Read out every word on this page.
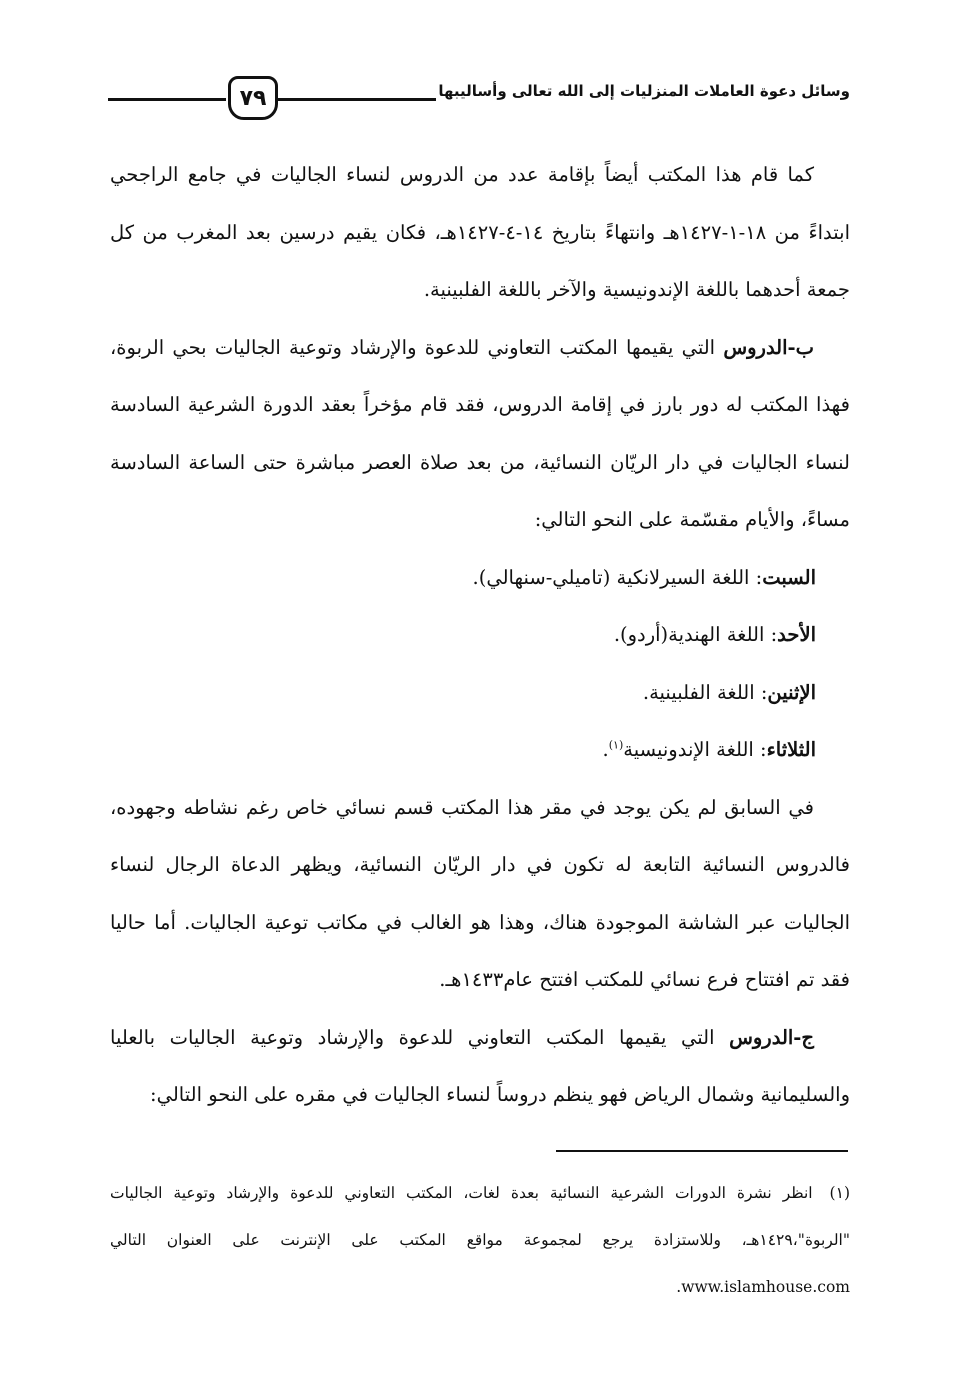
٧٩	وسائل دعوة العاملات المنزليات إلى الله تعالى وأساليبها

كما قام هذا المكتب أيضاً بإقامة عدد من الدروس لنساء الجاليات في جامع الراجحي ابتداءً من ١٨-١-١٤٢٧هـ وانتهاءً بتاريخ ١٤-٤-١٤٢٧هـ، فكان يقيم درسين بعد المغرب من كل جمعة أحدهما باللغة الإندونيسية والآخر باللغة الفلبينية.

ب-الدروس التي يقيمها المكتب التعاوني للدعوة والإرشاد وتوعية الجاليات بحي الربوة، فهذا المكتب له دور بارز في إقامة الدروس، فقد قام مؤخراً بعقد الدورة الشرعية السادسة لنساء الجاليات في دار الريّان النسائية، من بعد صلاة العصر مباشرة حتى الساعة السادسة مساءً، والأيام مقسّمة على النحو التالي:

السبت: اللغة السيرلانكية (تاميلي-سنهالي).

الأحد: اللغة الهندية(أردو).

الإثنين: اللغة الفلبينية.

الثلاثاء: اللغة الإندونيسية$^{(١)}$.

في السابق لم يكن يوجد في مقر هذا المكتب قسم نسائي خاص رغم نشاطه وجهوده، فالدروس النسائية التابعة له تكون في دار الريّان النسائية، ويظهر الدعاة الرجال لنساء الجاليات عبر الشاشة الموجودة هناك، وهذا هو الغالب في مكاتب توعية الجاليات. أما حاليا فقد تم افتتاح فرع نسائي للمكتب افتتح عام١٤٣٣هـ.

ج-الدروس التي يقيمها المكتب التعاوني للدعوة والإرشاد وتوعية الجاليات بالعليا والسليمانية وشمال الرياض فهو ينظم دروساً لنساء الجاليات في مقره على النحو التالي:

(١) انظر نشرة الدورات الشرعية النسائية بعدة لغات، المكتب التعاوني للدعوة والإرشاد وتوعية الجاليات "الربوة"،١٤٢٩هـ، وللاستزادة يرجع لمجموعة مواقع المكتب على الإنترنت على العنوان التالي www.islamhouse.com.
